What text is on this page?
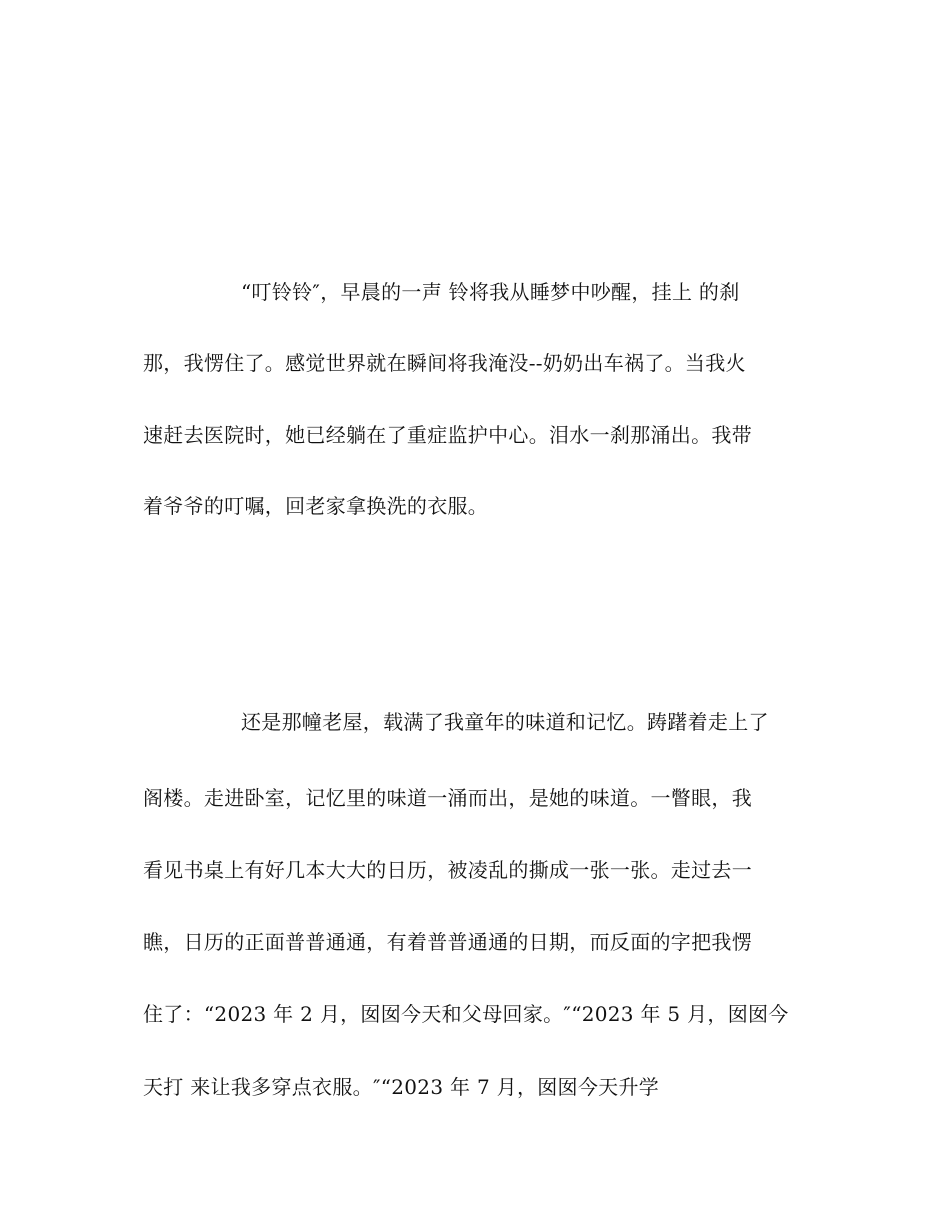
“叮铃铃″，早晨的一声 铃将我从睡梦中吵醒，挂上 的刹
那，我愣住了。感觉世界就在瞬间将我淹没--奶奶出车祸了。当我火
速赶去医院时，她已经躺在了重症监护中心。泪水一刹那涌出。我带
着爷爷的叮嘱，回老家拿换洗的衣服。
还是那幢老屋，载满了我童年的味道和记忆。踌躇着走上了
阁楼。走进卧室，记忆里的味道一涌而出，是她的味道。一瞥眼，我
看见书桌上有好几本大大的日历，被凌乱的撕成一张一张。走过去一
瞧，日历的正面普普通通，有着普普通通的日期，而反面的字把我愣
住了：“2023 年 2 月，囡囡今天和父母回家。″“2023 年 5 月，囡囡今
天打 来让我多穿点衣服。″“2023 年 7 月，囡囡今天升学
